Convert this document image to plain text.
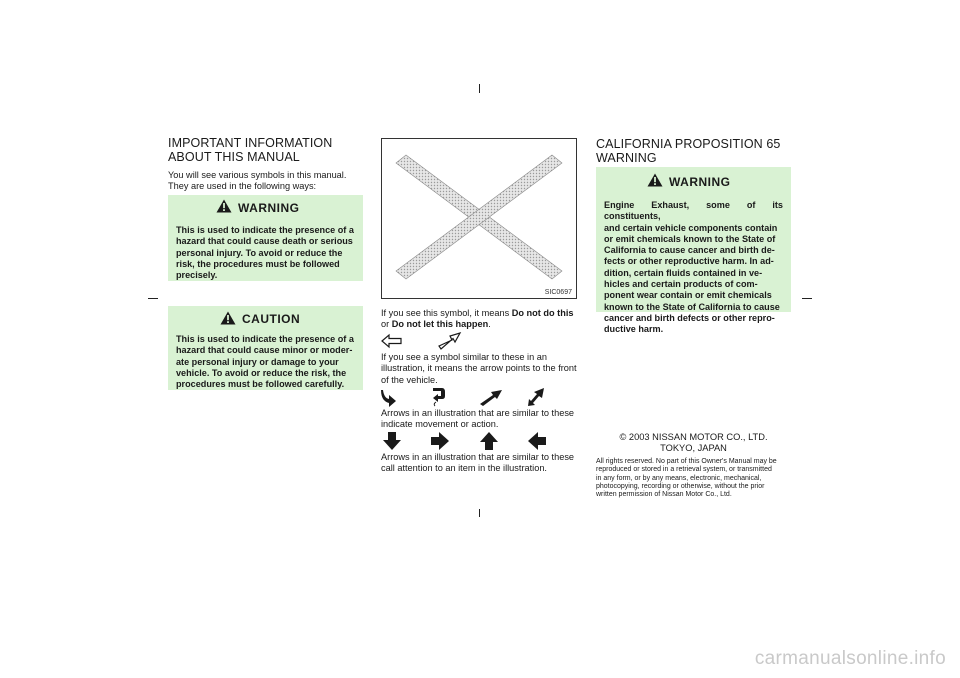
IMPORTANT INFORMATION
ABOUT THIS MANUAL
You will see various symbols in this manual.
They are used in the following ways:
WARNING
This is used to indicate the presence of a
hazard that could cause death or serious
personal injury. To avoid or reduce the
risk, the procedures must be followed
precisely.
CAUTION
This is used to indicate the presence of a
hazard that could cause minor or moder-
ate personal injury or damage to your
vehicle. To avoid or reduce the risk, the
procedures must be followed carefully.
SIC0697
If you see this symbol, it means Do not do this
or Do not let this happen.
If you see a symbol similar to these in an
illustration, it means the arrow points to the front
of the vehicle.
Arrows in an illustration that are similar to these
indicate movement or action.
Arrows in an illustration that are similar to these
call attention to an item in the illustration.
CALIFORNIA PROPOSITION 65
WARNING
WARNING
Engine Exhaust, some of its constituents,
and certain vehicle components contain
or emit chemicals known to the State of
California to cause cancer and birth de-
fects or other reproductive harm. In ad-
dition, certain fluids contained in ve-
hicles and certain products of com-
ponent wear contain or emit chemicals
known to the State of California to cause
cancer and birth defects or other repro-
ductive harm.
© 2003 NISSAN MOTOR CO., LTD.
TOKYO, JAPAN
All rights reserved. No part of this Owner's Manual may be
reproduced or stored in a retrieval system, or transmitted
in any form, or by any means, electronic, mechanical,
photocopying, recording or otherwise, without the prior
written permission of Nissan Motor Co., Ltd.
carmanualsonline.info
